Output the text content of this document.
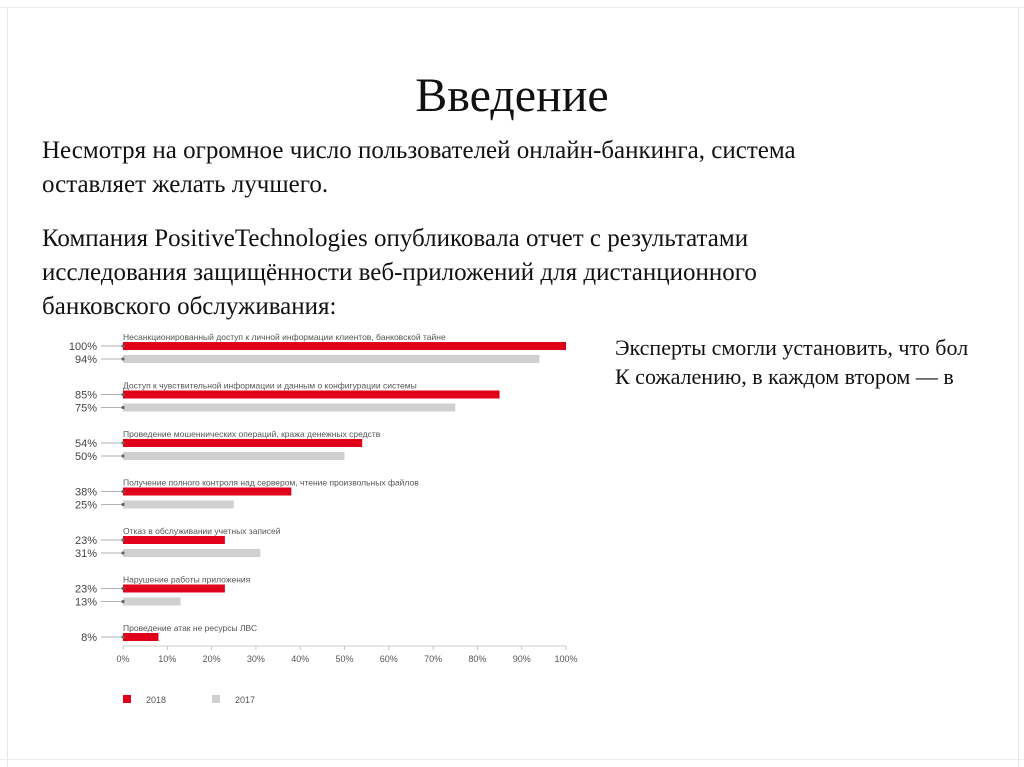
Введение
Несмотря на огромное число пользователей онлайн-банкинга, система
оставляет желать лучшего.
Компания PositiveTechnologies опубликовала отчет с результатами
исследования защищённости веб-приложений для дистанционного
банковского обслуживания:
Эксперты смогли установить, что бол
К сожалению, в каждом втором — в
Несанкционированный доступ к личной информации клиентов, банковской тайне
100%
94%
Доступ к чувствительной информации и данным о конфигурации системы
85%
75%
Проведение мошеннических операций, кража денежных средств
54%
50%
Получение полного контроля над сервером, чтение произвольных файлов
38%
25%
Отказ в обслуживании учетных записей
23%
31%
Нарушение работы приложения
23%
13%
Проведение атак не ресурсы ЛВС
8%
0%	10%	20%	30%	40%	50%	60%	70%	80%	90%	100%
2018	2017
